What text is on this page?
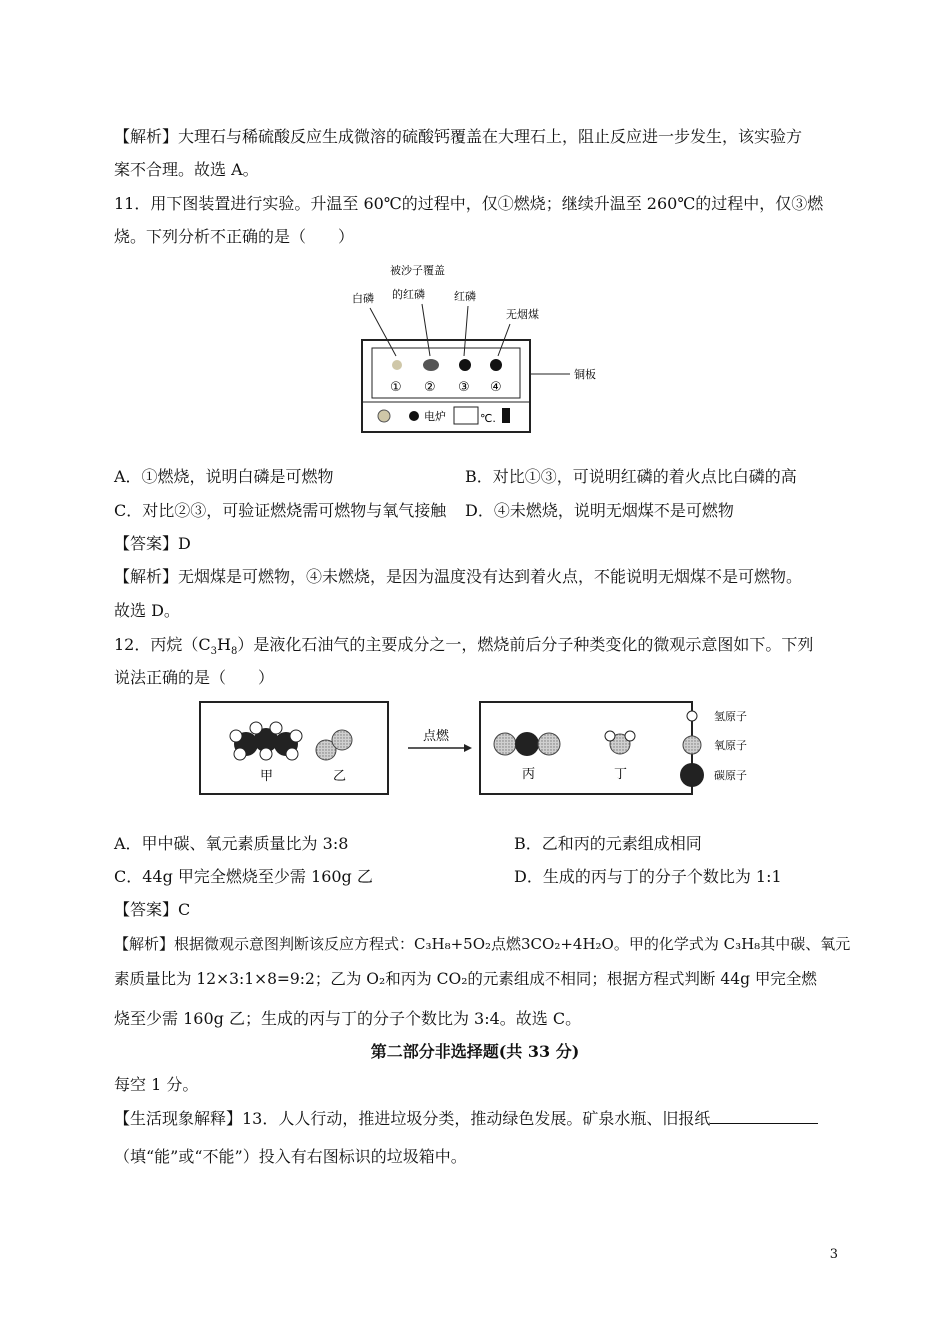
【解析】大理石与稀硫酸反应生成微溶的硫酸钙覆盖在大理石上，阻止反应进一步发生，该实验方
案不合理。故选 A。
11．用下图装置进行实验。升温至 60℃的过程中，仅①燃烧；继续升温至 260℃的过程中，仅③燃
烧。下列分析不正确的是（　　）
被沙子覆盖
白磷 的红磷	红磷
无烟煤
铜板
① ② ③ ④
电炉	℃.
A．①燃烧，说明白磷是可燃物	B．对比①③，可说明红磷的着火点比白磷的高
C．对比②③，可验证燃烧需可燃物与氧气接触 D．④未燃烧，说明无烟煤不是可燃物
【答案】D
【解析】无烟煤是可燃物，④未燃烧，是因为温度没有达到着火点，不能说明无烟煤不是可燃物。
故选 D。
12．丙烷$(C_3H_8)$是液化石油气的主要成分之一，燃烧前后分子种类变化的微观示意图如下。下列
说法正确的是（　　）
甲	乙
点燃
丙	丁
氢原子
氧原子
碳原子
A．甲中碳、氧元素质量比为 3:8	B．乙和丙的元素组成相同
C．44g 甲完全燃烧至少需 160g 乙	D．生成的丙与丁的分子个数比为 1:1
【答案】C
【解析】根据微观示意图判断该反应方程式：C₃H₈+5O₂点燃3CO₂+4H₂O。甲的化学式为 C₃H₈其中碳、氧元
素质量比为 12×3:1×8=9:2；乙为 O₂和丙为 CO₂的元素组成不相同；根据方程式判断 44g 甲完全燃
烧至少需 160g 乙；生成的丙与丁的分子个数比为 3:4。故选 C。
第二部分非选择题(共 33 分)
每空 1 分。
【生活现象解释】13．人人行动，推进垃圾分类，推动绿色发展。矿泉水瓶、旧报纸
（填“能”或“不能”）投入有右图标识的垃圾箱中。
3
